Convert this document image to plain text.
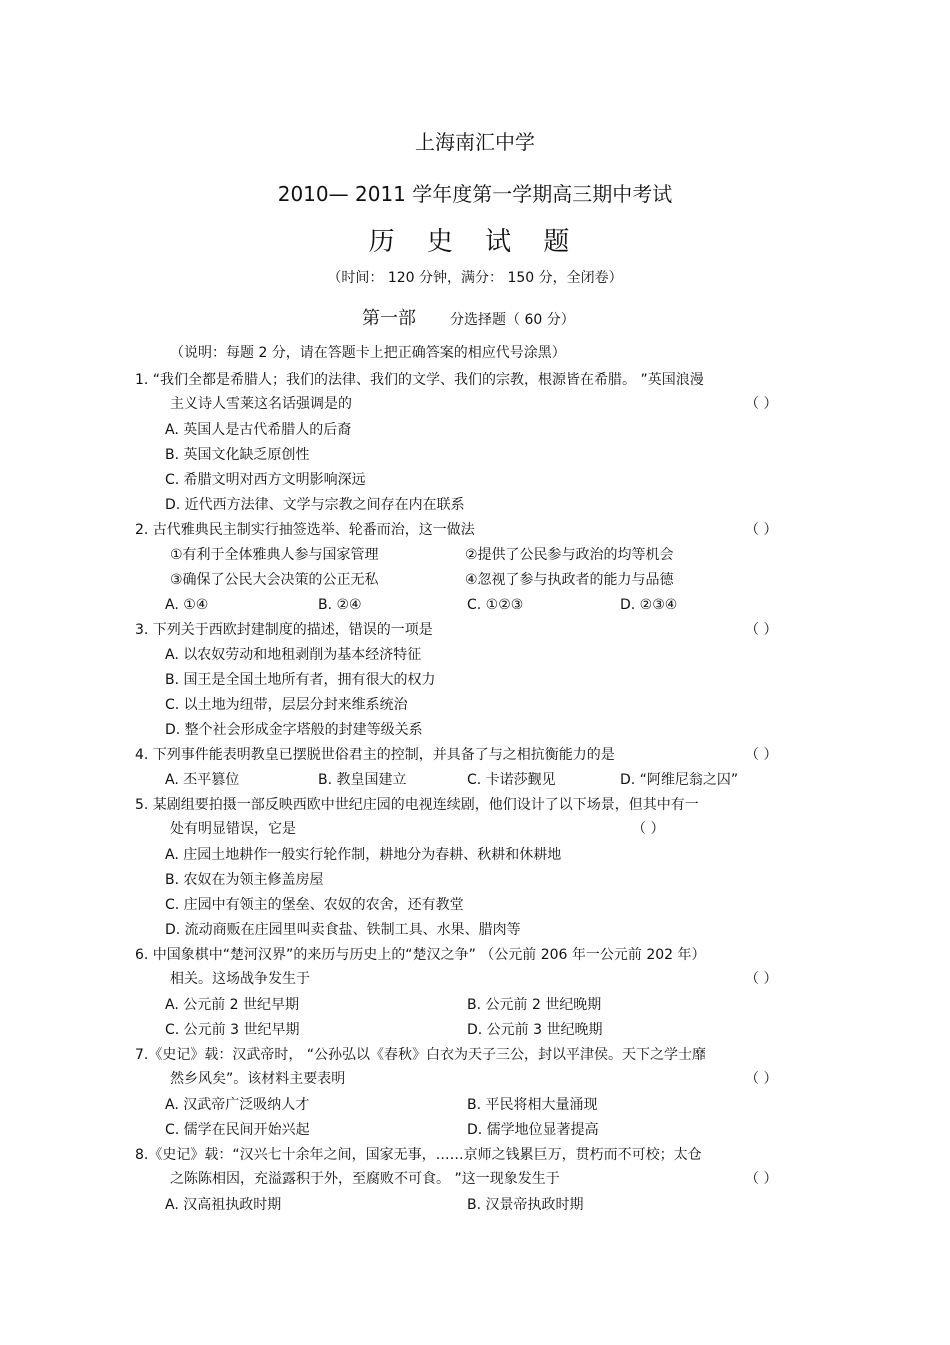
上海南汇中学
2010— 2011 学年度第一学期高三期中考试
历 史 试 题
（时间： 120 分钟，满分： 150 分，全闭卷）
第一部 分选择题（ 60 分）
（说明：每题 2 分，请在答题卡上把正确答案的相应代号涂黑）
1. “我们全都是希腊人；我们的法律、我们的文学、我们的宗教，根源皆在希腊。 ”英国浪漫
主义诗人雪莱这名话强调是的	（ ）
A. 英国人是古代希腊人的后裔
B. 英国文化缺乏原创性
C. 希腊文明对西方文明影响深远
D. 近代西方法律、文学与宗教之间存在内在联系
2. 古代雅典民主制实行抽签选举、轮番而治，这一做法	（ ）
①有利于全体雅典人参与国家管理	②提供了公民参与政治的均等机会
③确保了公民大会决策的公正无私	④忽视了参与执政者的能力与品德
A. ①④	B. ②④	C. ①②③	D. ②③④
3. 下列关于西欧封建制度的描述，错误的一项是	（ ）
A. 以农奴劳动和地租剥削为基本经济特征
B. 国王是全国土地所有者，拥有很大的权力
C. 以土地为纽带，层层分封来维系统治
D. 整个社会形成金字塔般的封建等级关系
4. 下列事件能表明教皇已摆脱世俗君主的控制，并具备了与之相抗衡能力的是	（ ）
A. 丕平篡位	B. 教皇国建立	C. 卡诺莎觐见	D. “阿维尼翁之囚”
5. 某剧组要拍摄一部反映西欧中世纪庄园的电视连续剧，他们设计了以下场景，但其中有一
处有明显错误，它是	（ ）
A. 庄园土地耕作一般实行轮作制，耕地分为春耕、秋耕和休耕地
B. 农奴在为领主修盖房屋
C. 庄园中有领主的堡垒、农奴的农舍，还有教堂
D. 流动商贩在庄园里叫卖食盐、铁制工具、水果、腊肉等
6. 中国象棋中“楚河汉界”的来历与历史上的“楚汉之争” （公元前 206 年一公元前 202 年）
相关。这场战争发生于	（ ）
A. 公元前 2 世纪早期	B. 公元前 2 世纪晚期
C. 公元前 3 世纪早期	D. 公元前 3 世纪晚期
7.《史记》载：汉武帝时， “公孙弘以《春秋》白衣为天子三公，封以平津侯。天下之学士靡
然乡风矣”。该材料主要表明	（ ）
A. 汉武帝广泛吸纳人才	B. 平民将相大量涌现
C. 儒学在民间开始兴起	D. 儒学地位显著提高
8.《史记》载：“汉兴七十余年之间，国家无事，……京师之钱累巨万，贯朽而不可校；太仓
之陈陈相因，充溢露积于外，至腐败不可食。 ”这一现象发生于	（ ）
A. 汉高祖执政时期	B. 汉景帝执政时期
